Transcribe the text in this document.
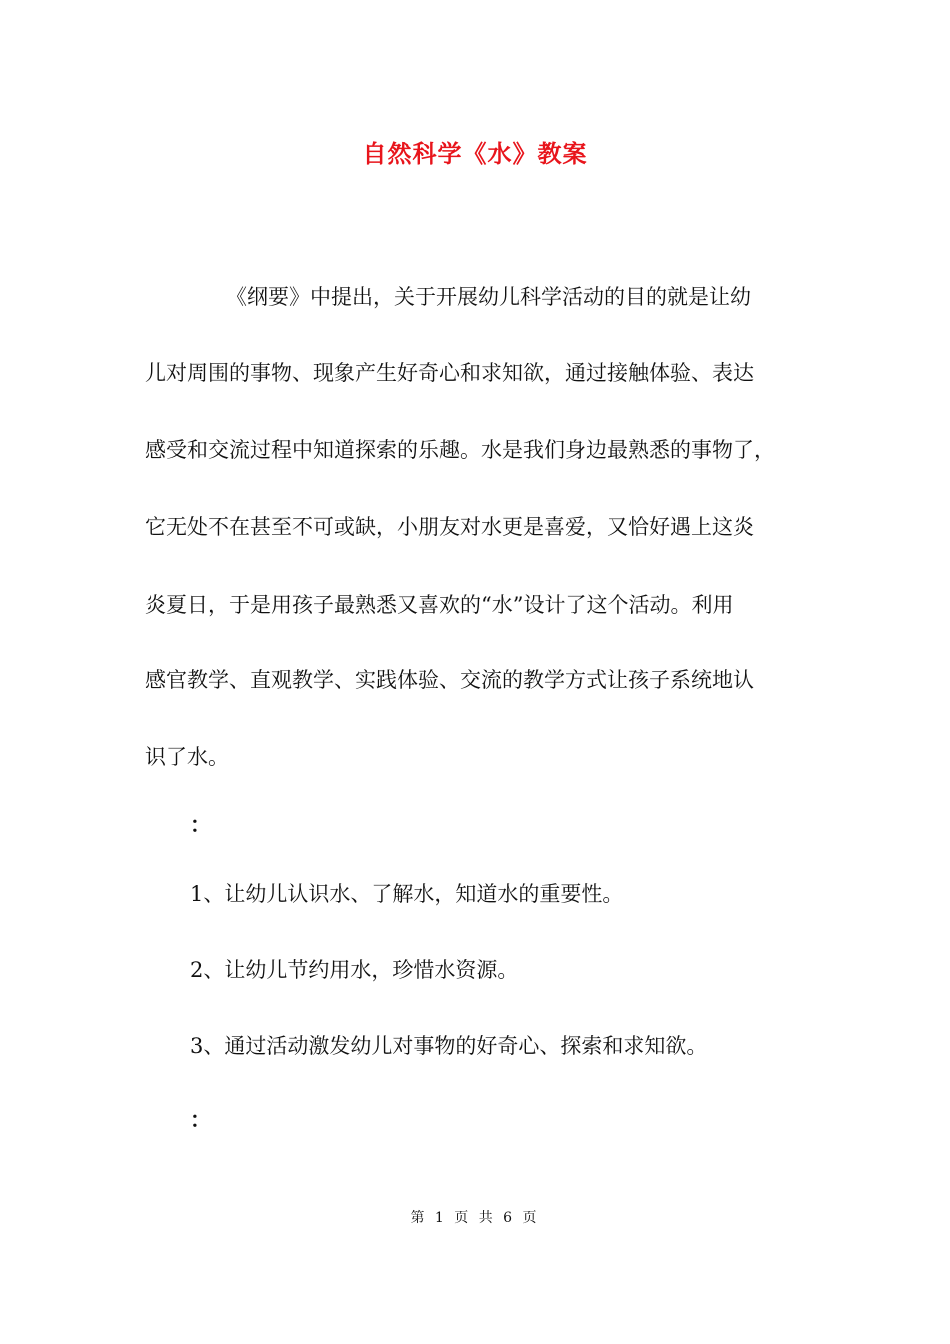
自然科学《水》教案
《纲要》中提出，关于开展幼儿科学活动的目的就是让幼
儿对周围的事物、现象产生好奇心和求知欲，通过接触体验、表达
感受和交流过程中知道探索的乐趣。水是我们身边最熟悉的事物了，
它无处不在甚至不可或缺，小朋友对水更是喜爱，又恰好遇上这炎
炎夏日，于是用孩子最熟悉又喜欢的“水”设计了这个活动。利用
感官教学、直观教学、实践体验、交流的教学方式让孩子系统地认
识了水。
：
1、让幼儿认识水、了解水，知道水的重要性。
2、让幼儿节约用水，珍惜水资源。
3、通过活动激发幼儿对事物的好奇心、探索和求知欲。
：
第 1 页 共 6 页
